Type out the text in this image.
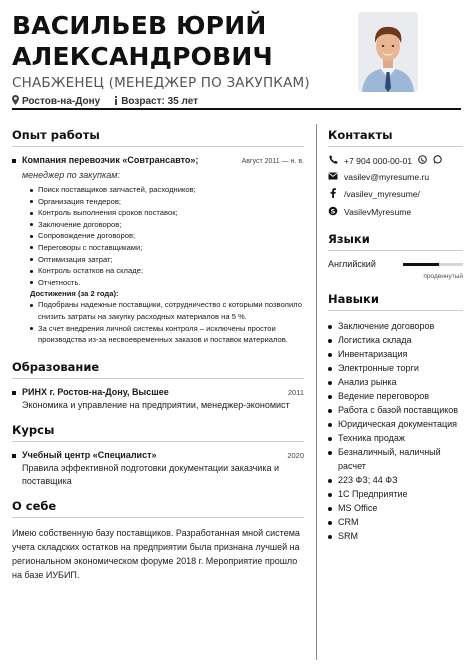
ВАСИЛЬЕВ ЮРИЙ
АЛЕКСАНДРОВИЧ
СНАБЖЕНЕЦ (МЕНЕДЖЕР ПО ЗАКУПКАМ)
Ростов-на-Дону Возраст: 35 лет
Опыт работы
Компания перевозчик «Совтрансавто»;	Август 2011 — н. в.
менеджер по закупкам:
Поиск поставщиков запчастей, расходников;
Организация тендеров;
Контроль выполнения сроков поставок;
Заключение договоров;
Сопровождение договоров;
Переговоры с поставщиками;
Оптимизация затрат;
Контроль остатков на складе;
Отчетность.
Достижения (за 2 года):
Подобраны надежные поставщики, сотрудничество с которыми позволило снизить затраты на закупку расходных материалов на 5 %.
За счет внедрения личной системы контроля – исключены простои производства из-за несвоевременных заказов и поставок материалов.
Образование
РИНХ г. Ростов-на-Дону, Высшее	2011
Экономика и управление на предприятии, менеджер-экономист
Курсы
Учебный центр «Специалист»	2020
Правила эффективной подготовки документации заказчика и поставщика
О себе
Имею собственную базу поставщиков. Разработанная мной система учета складских остатков на предприятии была признана лучшей на региональном экономическом форуме 2018 г. Мероприятие прошло на базе ИУБИП.
Контакты
+7 904 000-00-01
vasilev@myresume.ru
/vasilev_myresume/
S VasilevMyresume
Языки
Английский
продвинутый
Навыки
Заключение договоров
Логистика склада
Инвентаризация
Электронные торги
Анализ рынка
Ведение переговоров
Работа с базой поставщиков
Юридическая документация
Техника продаж
Безналичный, наличный расчет
223 ФЗ; 44 ФЗ
1С Предприятие
MS Office
CRM
SRM
